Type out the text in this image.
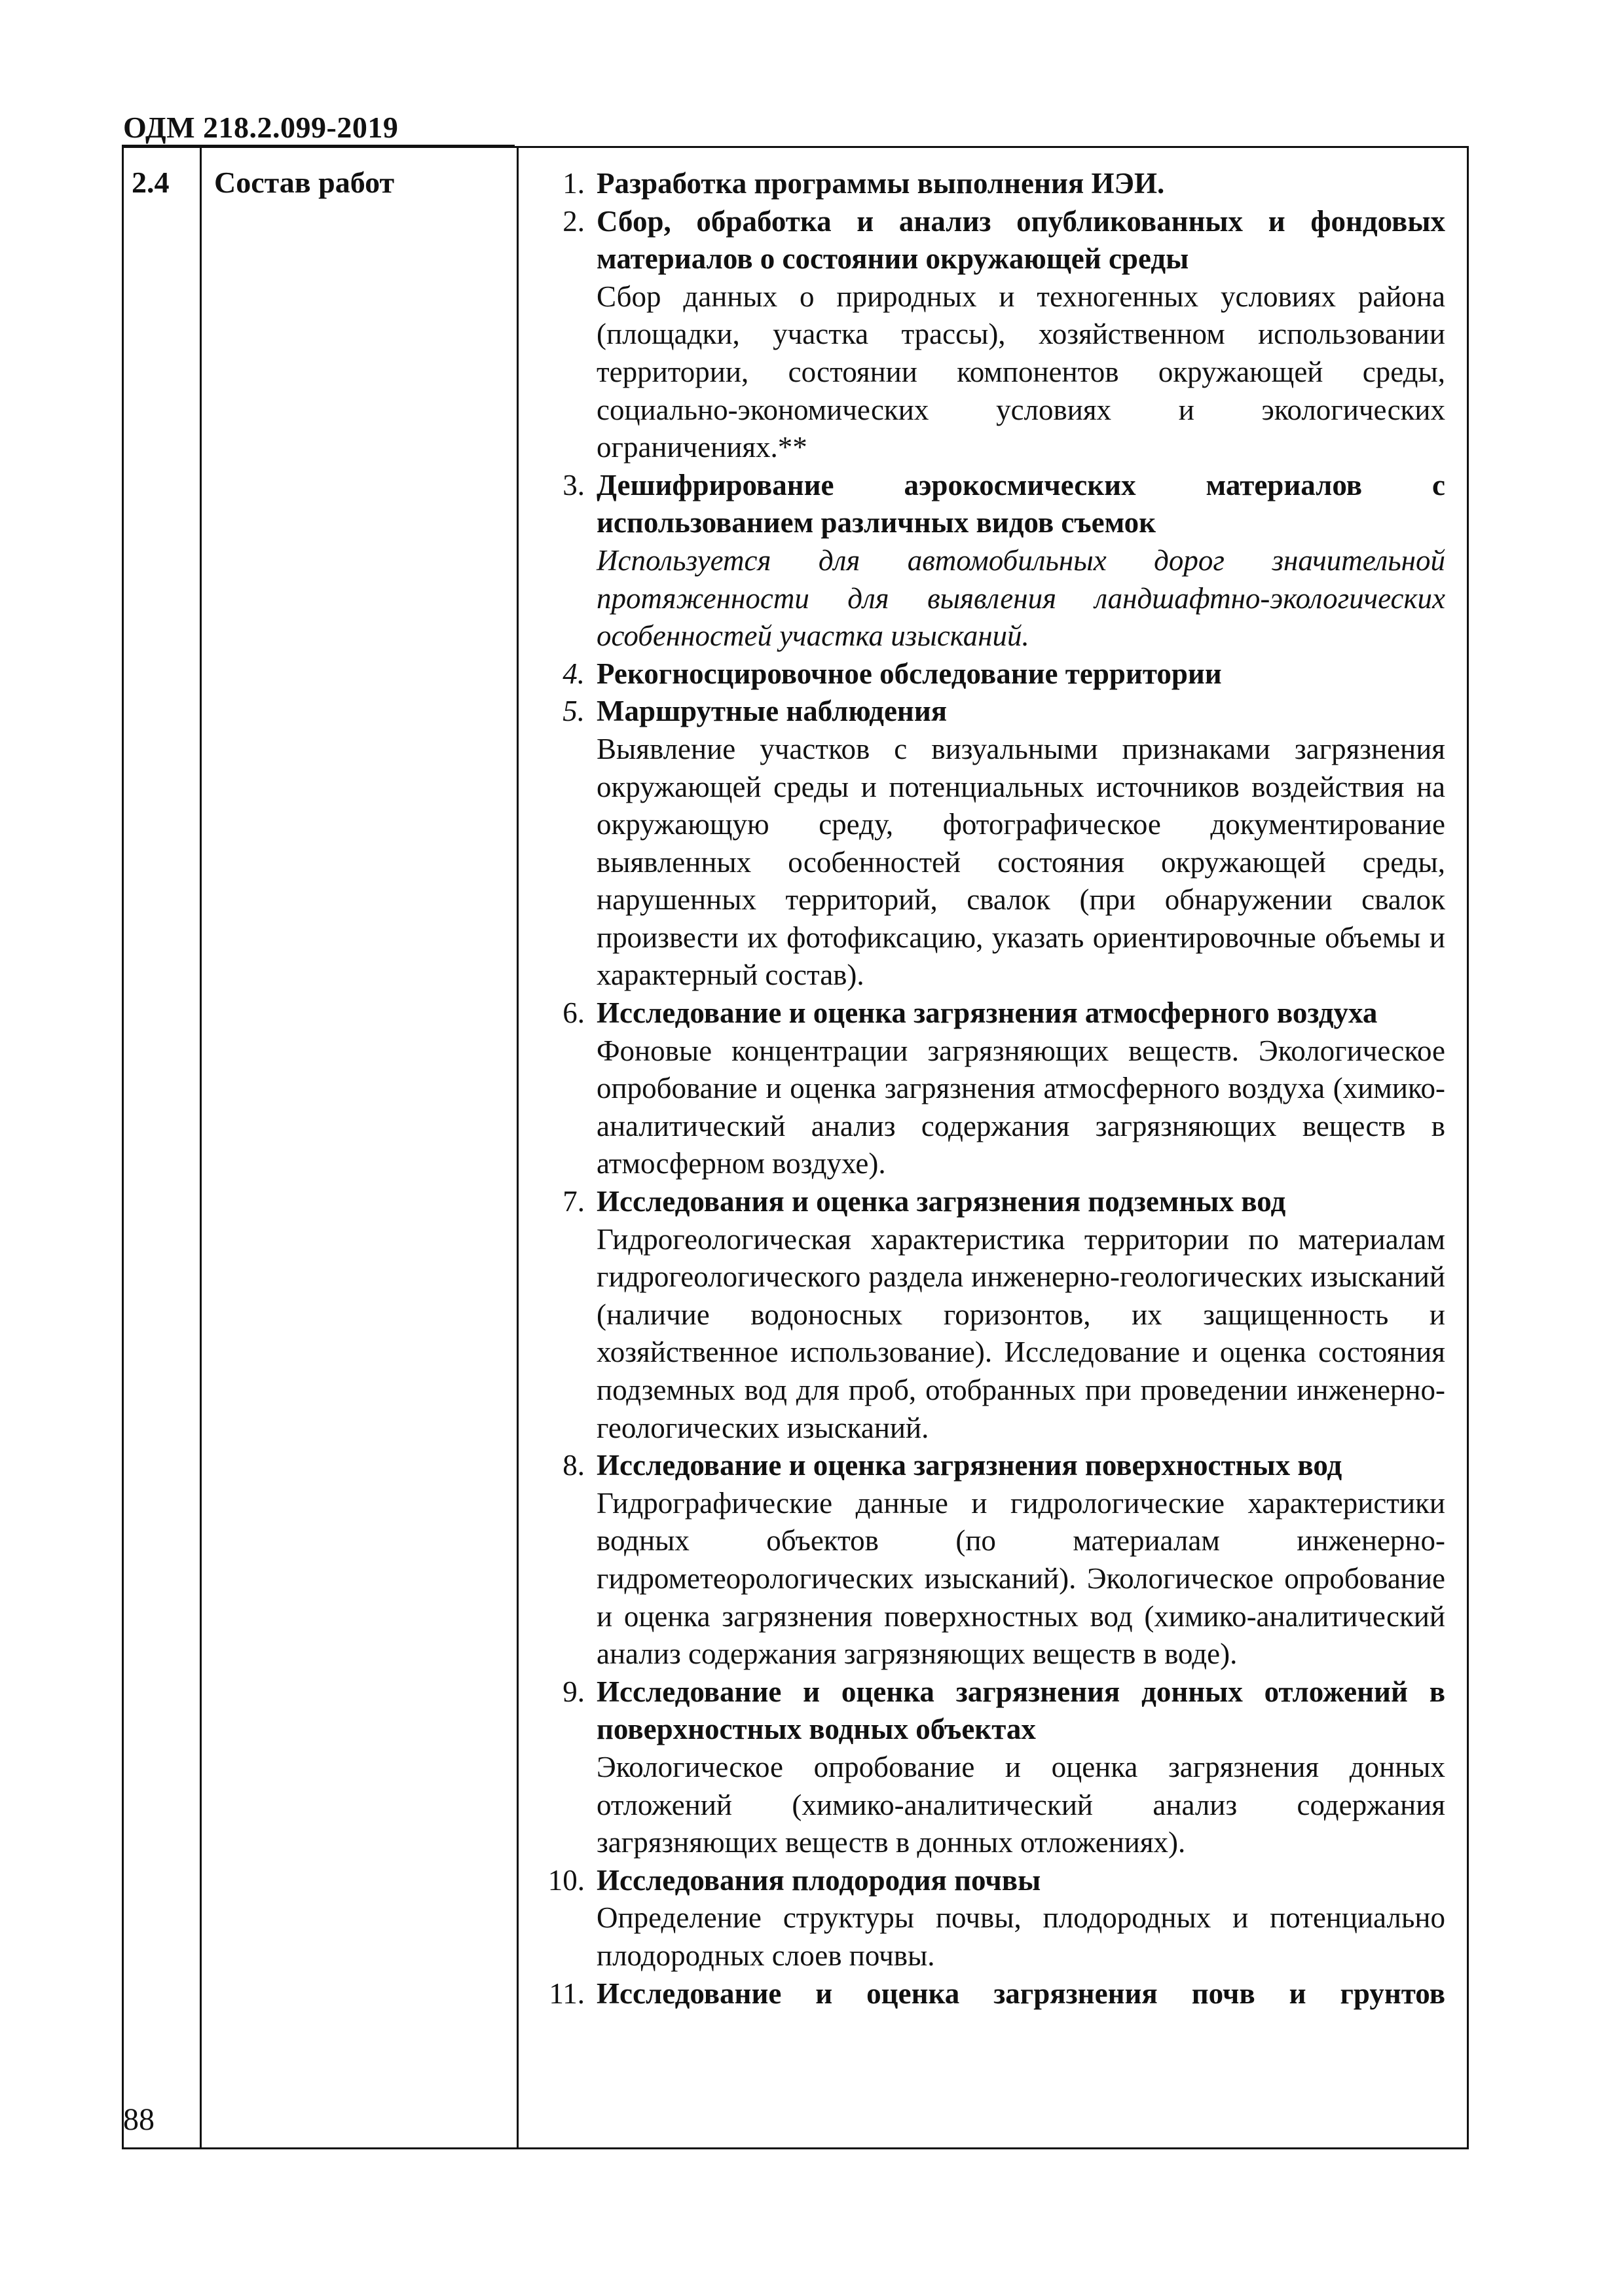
ОДМ 218.2.099-2019
2.4 Состав работ	1. Разработка программы выполнения ИЭИ.
2. Сбор, обработка и анализ опубликованных и фондовых материалов о состоянии окружающей среды
Сбор данных о природных и техногенных условиях района (площадки, участка трассы), хозяйственном использовании территории, состоянии компонентов окружающей среды, социально-экономических условиях и экологических ограничениях.**
3. Дешифрирование аэрокосмических материалов с использованием различных видов съемок
Используется для автомобильных дорог значительной протяженности для выявления ландшафтно-экологических особенностей участка изысканий.
4. Рекогносцировочное обследование территории
5. Маршрутные наблюдения
Выявление участков с визуальными признаками загрязнения окружающей среды и потенциальных источников воздействия на окружающую среду, фотографическое документирование выявленных особенностей состояния окружающей среды, нарушенных территорий, свалок (при обнаружении свалок произвести их фотофиксацию, указать ориентировочные объемы и характерный состав).
6. Исследование и оценка загрязнения атмосферного воздуха
Фоновые концентрации загрязняющих веществ. Экологическое опробование и оценка загрязнения атмосферного воздуха (химико-аналитический анализ содержания загрязняющих веществ в атмосферном воздухе).
7. Исследования и оценка загрязнения подземных вод
Гидрогеологическая характеристика территории по материалам гидрогеологического раздела инженерно-геологических изысканий (наличие водоносных горизонтов, их защищенность и хозяйственное использование). Исследование и оценка состояния подземных вод для проб, отобранных при проведении инженерно-геологических изысканий.
8. Исследование и оценка загрязнения поверхностных вод
Гидрографические данные и гидрологические характеристики водных объектов (по материалам инженерно-гидрометеорологических изысканий). Экологическое опробование и оценка загрязнения поверхностных вод (химико-аналитический анализ содержания загрязняющих веществ в воде).
9. Исследование и оценка загрязнения донных отложений в поверхностных водных объектах
Экологическое опробование и оценка загрязнения донных отложений (химико-аналитический анализ содержания загрязняющих веществ в донных отложениях).
10. Исследования плодородия почвы
Определение структуры почвы, плодородных и потенциально плодородных слоев почвы.
11. Исследование и оценка загрязнения почв и грунтов
88
